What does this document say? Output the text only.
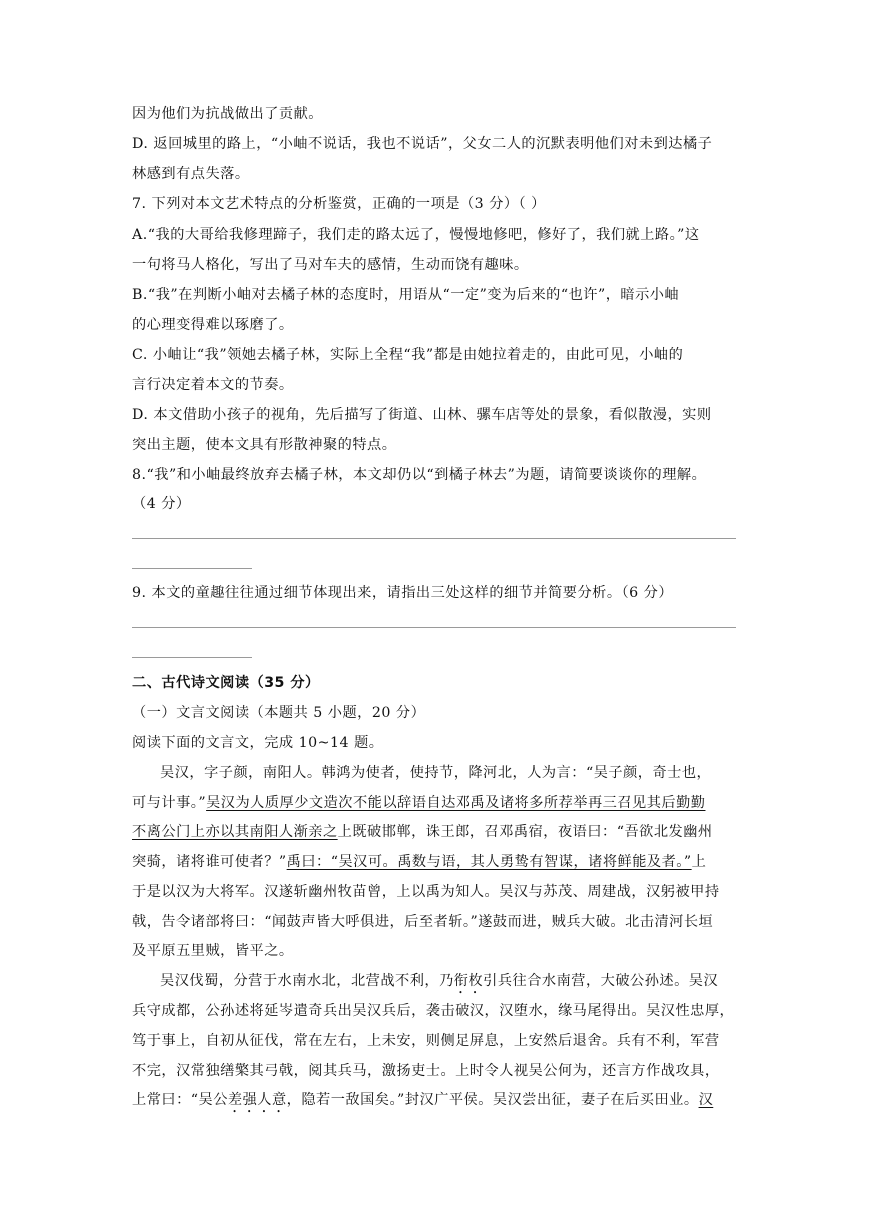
因为他们为抗战做出了贡献。
D. 返回城里的路上，“小岫不说话，我也不说话”，父女二人的沉默表明他们对未到达橘子
林感到有点失落。
7. 下列对本文艺术特点的分析鉴赏，正确的一项是（3 分）（ ）
A.“我的大哥给我修理蹄子，我们走的路太远了，慢慢地修吧，修好了，我们就上路。”这
一句将马人格化，写出了马对车夫的感情，生动而饶有趣味。
B.“我”在判断小岫对去橘子林的态度时，用语从“一定”变为后来的“也许”，暗示小岫
的心理变得难以琢磨了。
C. 小岫让“我”领她去橘子林，实际上全程“我”都是由她拉着走的，由此可见，小岫的
言行决定着本文的节奏。
D. 本文借助小孩子的视角，先后描写了街道、山林、骡车店等处的景象，看似散漫，实则
突出主题，使本文具有形散神聚的特点。
8.“我”和小岫最终放弃去橘子林，本文却仍以“到橘子林去”为题，请简要谈谈你的理解。
（4 分）
9. 本文的童趣往往通过细节体现出来，请指出三处这样的细节并简要分析。（6 分）
二、古代诗文阅读（35 分）
（一）文言文阅读（本题共 5 小题，20 分）
阅读下面的文言文，完成 10~14 题。
吴汉，字子颜，南阳人。韩鸿为使者，使持节，降河北，人为言：“吴子颜，奇士也，
可与计事。”吴汉为人质厚少文造次不能以辞语自达邓禹及诸将多所荐举再三召见其后勤勤
不离公门上亦以其南阳人渐亲之上既破邯郸，诛王郎，召邓禹宿，夜语曰：“吾欲北发幽州
突骑，诸将谁可使者？”禹曰：“吴汉可。禹数与语，其人勇鸷有智谋，诸将鲜能及者。”上
于是以汉为大将军。汉遂斩幽州牧苗曾，上以禹为知人。吴汉与苏茂、周建战，汉躬被甲持
戟，告令诸部将曰：“闻鼓声皆大呼俱进，后至者斩。”遂鼓而进，贼兵大破。北击清河长垣
及平原五里贼，皆平之。
吴汉伐蜀，分营于水南水北，北营战不利，乃衔枚引兵往合水南营，大破公孙述。吴汉
兵守成都，公孙述将延岑遣奇兵出吴汉兵后，袭击破汉，汉堕水，缘马尾得出。吴汉性忠厚，
笃于事上，自初从征伐，常在左右，上未安，则侧足屏息，上安然后退舍。兵有不利，军营
不完，汉常独缮檠其弓戟，阅其兵马，激扬吏士。上时令人视吴公何为，还言方作战攻具，
上常曰：“吴公差强人意，隐若一敌国矣。”封汉广平侯。吴汉尝出征，妻子在后买田业。汉
